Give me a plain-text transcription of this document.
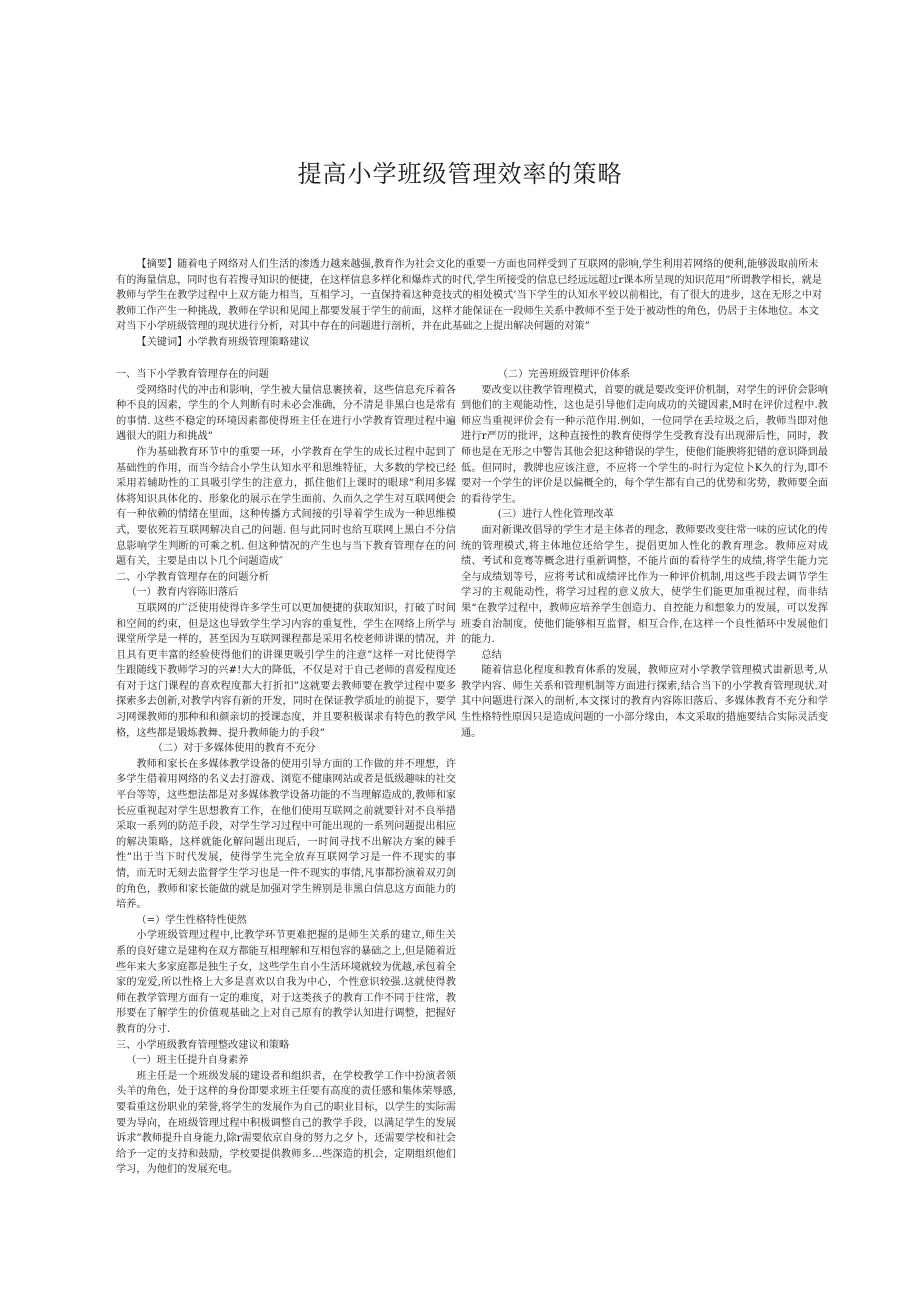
提高小学班级管理效率的策略

【摘要】随着电子网络对人们生活的渗透力越来越强,教育作为社会文化的重要一方面也同样受到了互联网的影响,学生利用若网络的便利,能够汲取前所未有的海量信息，同时也有若搜寻知识的便捷，在这样信息多样化和爆炸式的时代,学生所接受的信息已经远远超过r课本所呈现的知识范用”所谓教学相长，就是教师与学生在教学过程中上双方能力相当，互相学习，一直保持着这种竞技式的相处模式’当下学生的认知水平较以前相比，有了很大的进步，这在无形之中对教师工作产生一种挑战，教师在学识和见闻上都要发展于学生的前面，这样才能保证在一段师生关系中教师不至于处于被动性的角色，仍居于主体地位。本文对当下小学班级管理的现状进行分析，对其中存在的问题进行剖析，并在此基础之上提出解决何题的对策”

【关键词】小学教育班级管理策略建议

一、当下小学教育管理存在的问题

受网络时代的冲击和影响，学生被大量信息裹挟着，这些信息充斥着各种不良的因素，学生的个人判断有时未必会准确，分不清是非黑白也是常有的事情. 这些不稳定的环境因素都使得班主任在进行小学教育管理过程中遍遇很大的阻力和挑战”

作为基础教育环节中的重要一环，小学教育在学生的成长过程中起到了基础性的作用，而当今结合小学生认知水平和思维特征，大多数的学校已经采用若辅助性的工具吸引学生的注意力，抓住他们上课时的眼球”利用多媒体将知识具体化的、形象化的展示在学生面前、久而久之学生对互联网便会有一种依赖的情绪在里面，这种传播方式间接的引导着学生成为一种思维模式，要依死若互联网解决自己的问题. 但与此同时也给互联网上黑白不分信息影响学生判断的可乘之机. 但这种情况的产生也与当下教育管理存在的问题有关，主要是由以卜几个问题造成″

二、小学教育管理存在的问题分析

（一）教育内容陈旧落后

互联网的广泛使用使得许多学生可以更加便捷的获取知识，打破了时间和空间的约束，但是这也导致学生学习内容的重复性，学生在网络上所学与课堂所学是一样的，甚至因为互联网课程都是采用名校老师讲课的情况，并且具有更丰富的经验使得他们的讲课更吸引学生的注意”这样一对比使得学生跟随线下教师学习的兴#!大大的降低，不仅是对于自己老师的喜爱程度还有对于这门课程的喜欢程度都大打折扣”这就要去教师要在教学过程中要多探索多去创新,对教学内容有新的开发，同时在保证教学质址的前提下，要学习网课教师的那种和和颜亲切的授课态度，并且要积极谋求有特色的教学风格，这些都是锻炼教舞、提升教师能力的手段”

（二）对于多媒体使用的教育不充分

教师和家长在多媒体教学设备的使用引导方面的工作做的并不理想，许多学生借着用网络的名义去打游戏、浏览不健康网站或者是低级趣味的社交平台等等，这些想法都是对多媒体教学设备功能的不当理解造成的,教师和家长应重视起对学生思想教育工作，在他们使用互联网之前就要针对不良举措采取一系列的防范手段，对学生学习过程中可能出现的一系列问题提出相应的解决策略，这样就能化解问题出现后，一时间寻找不出解决方案的棘手性”出于当下时代发展，使得学生完全放弃互联网学习是一件不现实的事情，而无时无刻去监督学生学习也是一件不现实的事情,凡事都扮演着双刃剑的角色，教师和家长能做的就是加强对学生辨别是非黑白信息这方面能力的培养。

（=）学生性格特性使然

小学班级管理过程中,比教学环节更难把握的是师生关系的建立,师生关系的良好建立是建构在双方都能互相理解和互相包容的暴础之上,但是随着近些年来大多家庭都是独生子女，这些学生自小生活环境就较为优越,承包着全家的宠爱,所以性格上大多是喜欢以自我为中心，个性意识较强.这就使得教师在教学管理方面有一定的难度，对于这类孩子的教育工作不同于往常，教形要在了解学生的价值观基础之上对自己原有的教学认知进行调整，把握好教育的分寸.

三、小学班级教育管理整改建议和策略

（一）班主任提升自身素养

班主任是一个班级发展的建设者和组织者，在学校教学工作中扮演者领头羊的角色，处于这样的身份即要求班主任要有高度的责任感和集体荣辱感,要看重这份职业的荣誉,将学生的发展作为自己的职业目标，以学生的实际需要为导向，在班级管理过程中积极调整自己的教学手段，以满足学生的发展诉求”教师提升自身能力,除r需要依京自身的努力之夕卜，还需要学校和社会给予一定的支持和鼓励，学校要提供教师多…些深造的机会，定期组织他们学习，为他们的发展充电。

（二）完善班级管理评价体系

要改变以往教学管理模式，首要的就是要改变评价机制，对学生的评价会影响到他们的主观能动性，这也是引导他们走向成功的关键因素,M时在评价过程中.教师应当重视评价会有一种示范作用.例如，一位同学在丢垃圾之后，教师当即对他进行r严厉的批评，这种直接性的教育使得学生受教育没有出现滞后性，同时，教师也是在无形之中警告其他会犯这种错误的学生，使他们能腴将犯错的意识降到最低。但同时，教牌也应该注意，不应将一个学生的-时行为定位卜K久的行为,即不要对一个学生的评价是以偏概全的，每个学生都有自己的优势和劣势，教师要全面的看待学生。

(三）进行人性化管理改革

面对新课改倡导的学生才是主体者的理念，教师要改变往常一味的应试化的传统的管理模式,将主体地位还给学生，提倡更加人性化的教育理念。教师应对成绩、考试和竞骞等概念进行重新调整，不能片面的看待学生的成绩,将学生能力完全与成绩划等号，应将考试和成绩评比作为一种评价机制,用这些手段去调节学生学习的主观能动性，将学习过程的意义放大，使学生们能更加重视过程，而非结果“在教学过程中，教师应培养学生创造力、自控能力和想象力的发展，可以发挥班委自治制度，使他们能够相互监督，相互合作,在这样一个良性循环中发展他们的能力.

总结

随着信息化程度和教育体系的发展，教师应对小学教学管理模式蚩新思考,从教学内容、师生关系和管理机制等方面进行探索,结合当下的小学教育管理现状.对其中问题进行深入的剖析,本文探讨的教育内容陈旧落后、多媒体教育不充分和学生性格特性原因只是造成问题的一小部分缘由，本文采取的措施要结合实际灵活变通。
